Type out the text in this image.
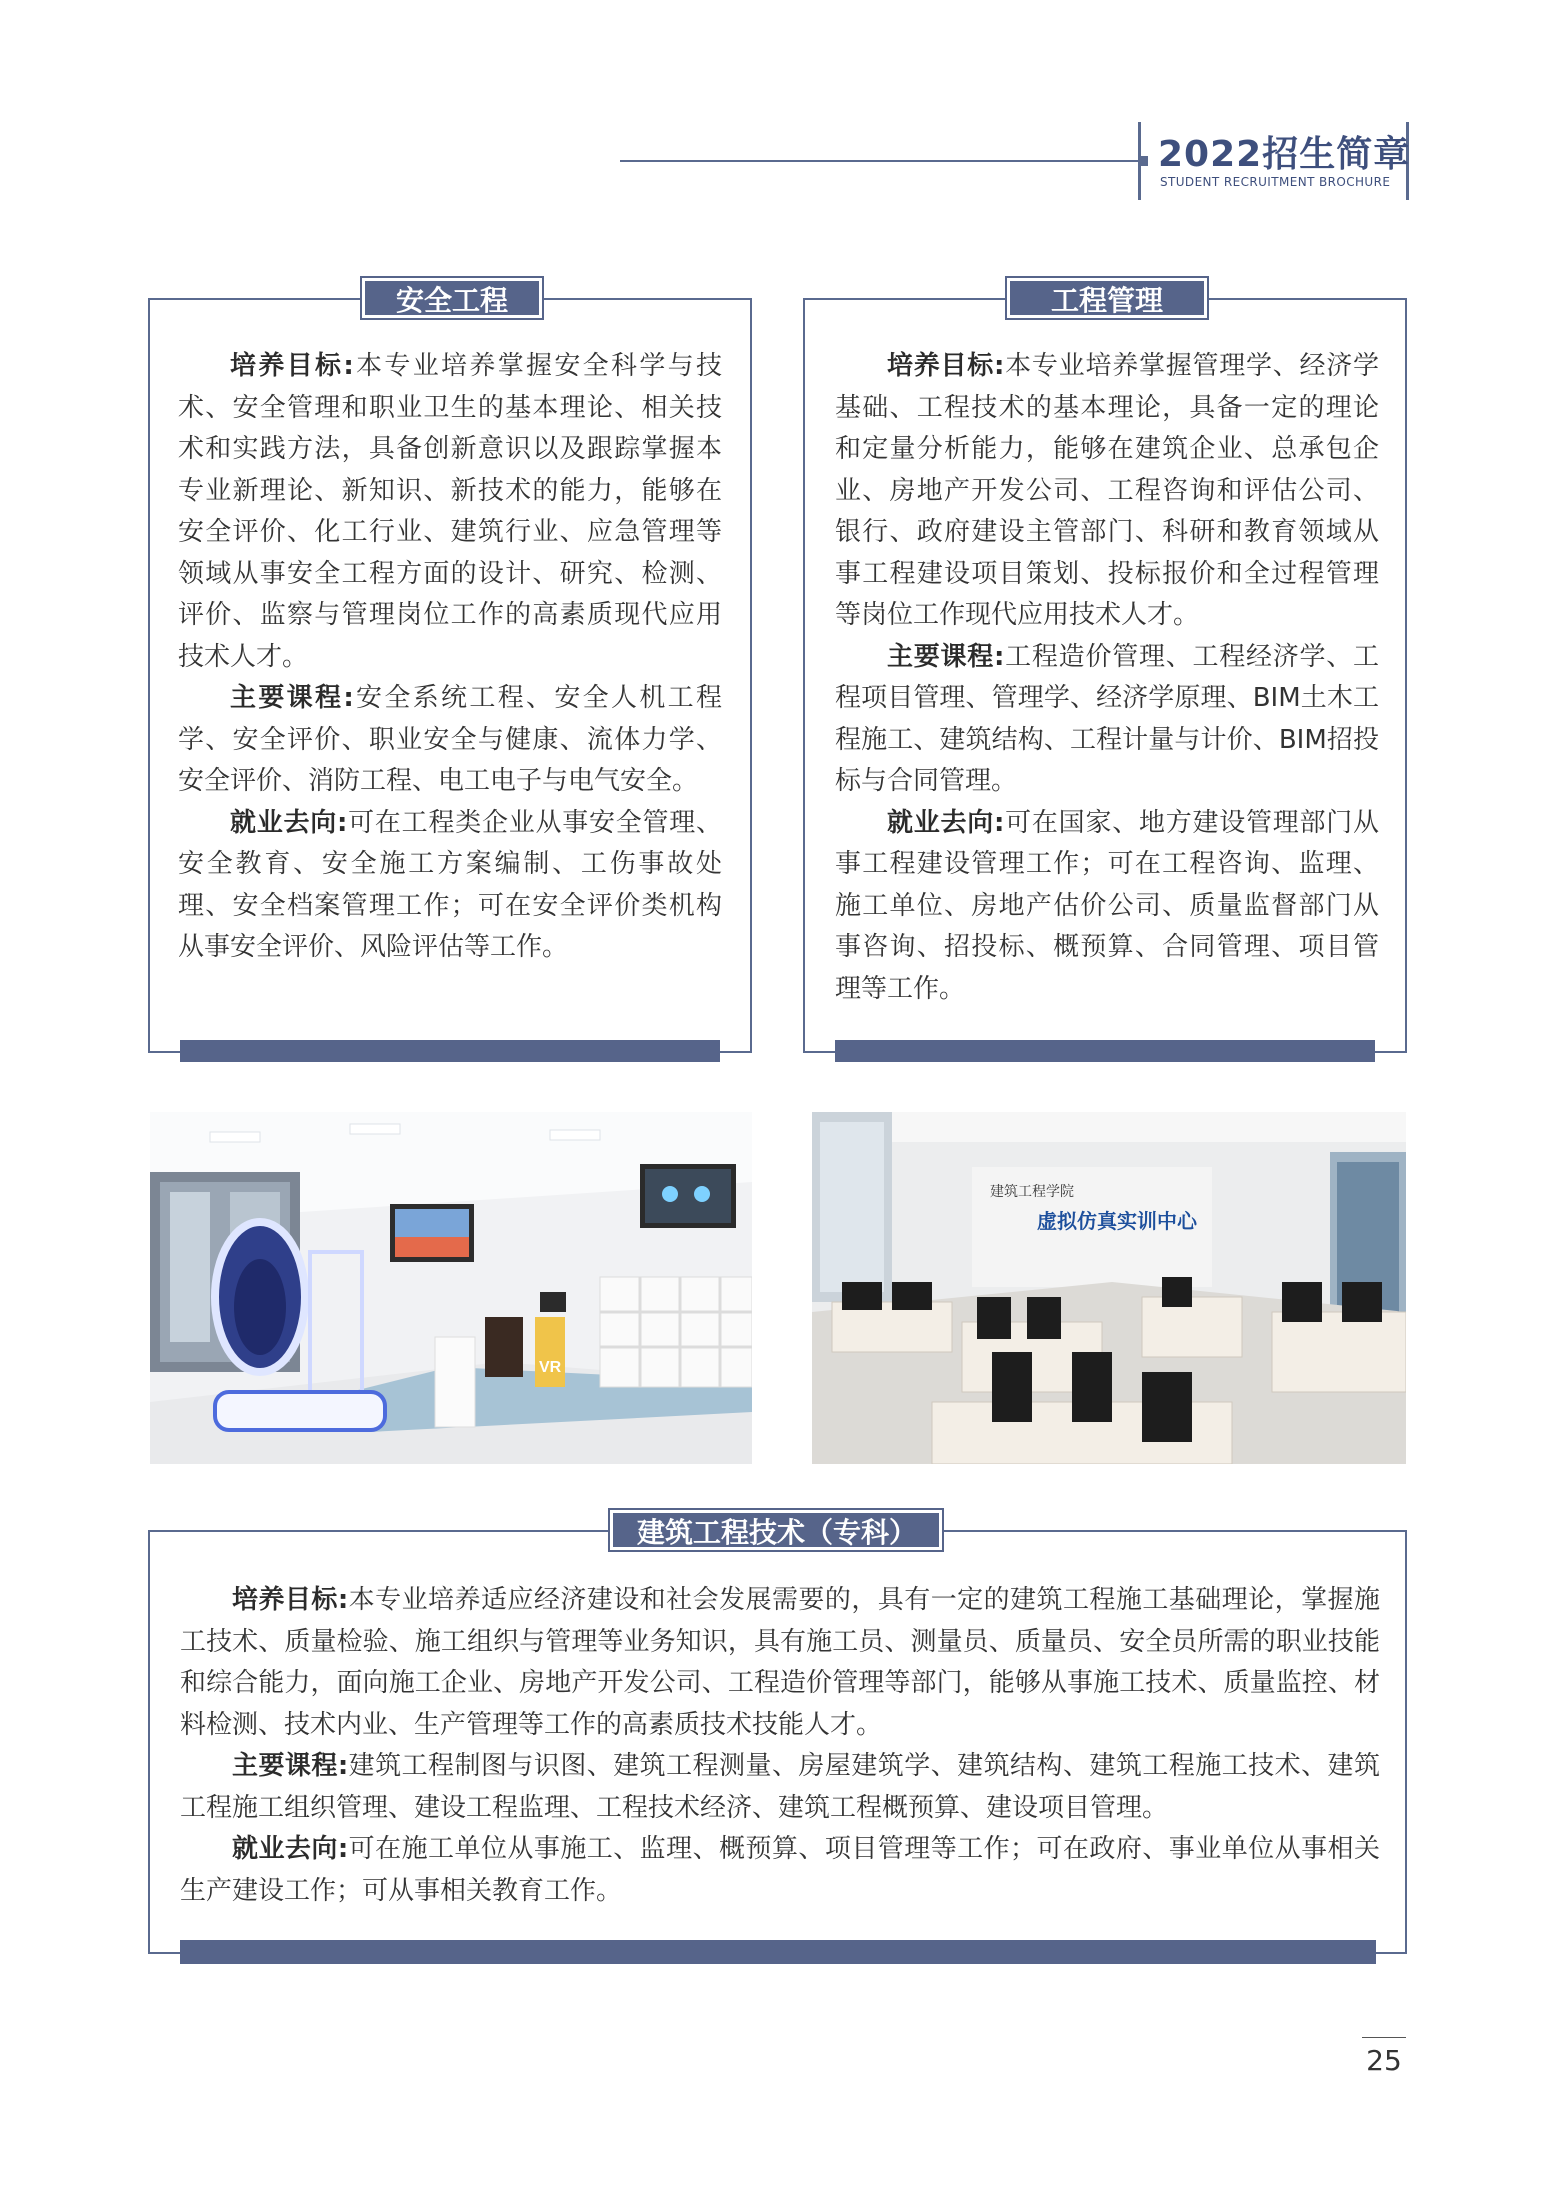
2022招生简章
STUDENT RECRUITMENT BROCHURE
安全工程

培养目标:本专业培养掌握安全科学与技术、安全管理和职业卫生的基本理论、相关技术和实践方法，具备创新意识以及跟踪掌握本专业新理论、新知识、新技术的能力，能够在安全评价、化工行业、建筑行业、应急管理等领域从事安全工程方面的设计、研究、检测、评价、监察与管理岗位工作的高素质现代应用技术人才。

主要课程:安全系统工程、安全人机工程学、安全评价、职业安全与健康、流体力学、安全评价、消防工程、电工电子与电气安全。

就业去向:可在工程类企业从事安全管理、安全教育、安全施工方案编制、工伤事故处理、安全档案管理工作；可在安全评价类机构从事安全评价、风险评估等工作。

工程管理

培养目标:本专业培养掌握管理学、经济学基础、工程技术的基本理论，具备一定的理论和定量分析能力，能够在建筑企业、总承包企业、房地产开发公司、工程咨询和评估公司、银行、政府建设主管部门、科研和教育领域从事工程建设项目策划、投标报价和全过程管理等岗位工作现代应用技术人才。

主要课程:工程造价管理、工程经济学、工程项目管理、管理学、经济学原理、BIM土木工程施工、建筑结构、工程计量与计价、BIM招投标与合同管理。

就业去向:可在国家、地方建设管理部门从事工程建设管理工作；可在工程咨询、监理、施工单位、房地产估价公司、质量监督部门从事咨询、招投标、概预算、合同管理、项目管理等工作。

VR
建筑工程学院
虚拟仿真实训中心
建筑工程技术（专科）

培养目标:本专业培养适应经济建设和社会发展需要的，具有一定的建筑工程施工基础理论，掌握施工技术、质量检验、施工组织与管理等业务知识，具有施工员、测量员、质量员、安全员所需的职业技能和综合能力，面向施工企业、房地产开发公司、工程造价管理等部门，能够从事施工技术、质量监控、材料检测、技术内业、生产管理等工作的高素质技术技能人才。

主要课程:建筑工程制图与识图、建筑工程测量、房屋建筑学、建筑结构、建筑工程施工技术、建筑工程施工组织管理、建设工程监理、工程技术经济、建筑工程概预算、建设项目管理。

就业去向:可在施工单位从事施工、监理、概预算、项目管理等工作；可在政府、事业单位从事相关生产建设工作；可从事相关教育工作。

25
